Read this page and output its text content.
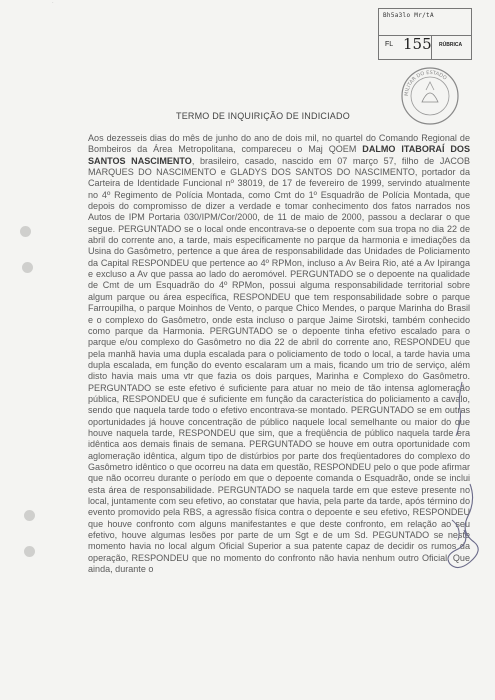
·
Bh5a3lo Mr/tA
FL 155 RÚBRICA
MILITAR DO ESTADO
TERMO DE INQUIRIÇÃO DE INDICIADO
Aos dezesseis dias do mês de junho do ano de dois mil, no quartel do Comando Regional de Bombeiros da Área Metropolitana, compareceu o Maj QOEM DALMO ITABORAÍ DOS SANTOS NASCIMENTO, brasileiro, casado, nascido em 07 março 57, filho de JACOB MARQUES DO NASCIMENTO e GLADYS DOS SANTOS DO NASCIMENTO, portador da Carteira de Identidade Funcional nº 38019, de 17 de fevereiro de 1999, servindo atualmente no 4º Regimento de Polícia Montada, como Cmt do 1º Esquadrão de Polícia Montada, que depois do compromisso de dizer a verdade e tomar conhecimento dos fatos narrados nos Autos de IPM Portaria 030/IPM/Cor/2000, de 11 de maio de 2000, passou a declarar o que segue. PERGUNTADO se o local onde encontrava-se o depoente com sua tropa no dia 22 de abril do corrente ano, a tarde, mais especificamente no parque da harmonia e imediações da Usina do Gasômetro, pertence a que área de responsabilidade das Unidades de Policiamento da Capital RESPONDEU que pertence ao 4º RPMon, incluso a Av Beira Rio, até a Av Ipiranga e excluso a Av que passa ao lado do aeromóvel. PERGUNTADO se o depoente na qualidade de Cmt de um Esquadrão do 4º RPMon, possui alguma responsabilidade territorial sobre algum parque ou área específica, RESPONDEU que tem responsabilidade sobre o parque Farroupilha, o parque Moinhos de Vento, o parque Chico Mendes, o parque Marinha do Brasil e o complexo do Gasômetro, onde esta incluso o parque Jaime Sirotski, também conhecido como parque da Harmonia. PERGUNTADO se o depoente tinha efetivo escalado para o parque e/ou complexo do Gasômetro no dia 22 de abril do corrente ano, RESPONDEU que pela manhã havia uma dupla escalada para o policiamento de todo o local, a tarde havia uma dupla escalada, em função do evento escalaram um a mais, ficando um trio de serviço, além disto havia mais uma vtr que fazia os dois parques, Marinha e Complexo do Gasômetro. PERGUNTADO se este efetivo é suficiente para atuar no meio de tão intensa aglomeração pública, RESPONDEU que é suficiente em função da característica do policiamento a cavalo, sendo que naquela tarde todo o efetivo encontrava-se montado. PERGUNTADO se em outras oportunidades já houve concentração de público naquele local semelhante ou maior do que houve naquela tarde, RESPONDEU que sim, que a freqüência de público naquela tarde era idêntica aos demais finais de semana. PERGUNTADO se houve em outra oportunidade com aglomeração idêntica, algum tipo de distúrbios por parte dos freqüentadores do complexo do Gasômetro idêntico o que ocorreu na data em questão, RESPONDEU pelo o que pode afirmar que não ocorreu durante o período em que o depoente comanda o Esquadrão, onde se inclui esta área de responsabilidade. PERGUNTADO se naquela tarde em que esteve presente no local, juntamente com seu efetivo, ao constatar que havia, pela parte da tarde, após término do evento promovido pela RBS, a agressão física contra o depoente e seu efetivo, RESPONDEU que houve confronto com alguns manifestantes e que deste confronto, em relação ao seu efetivo, houve algumas lesões por parte de um Sgt e de um Sd. PEGUNTADO se neste momento havia no local algum Oficial Superior a sua patente capaz de decidir os rumos da operação, RESPONDEU que no momento do confronto não havia nenhum outro Oficial. Que ainda, durante o
